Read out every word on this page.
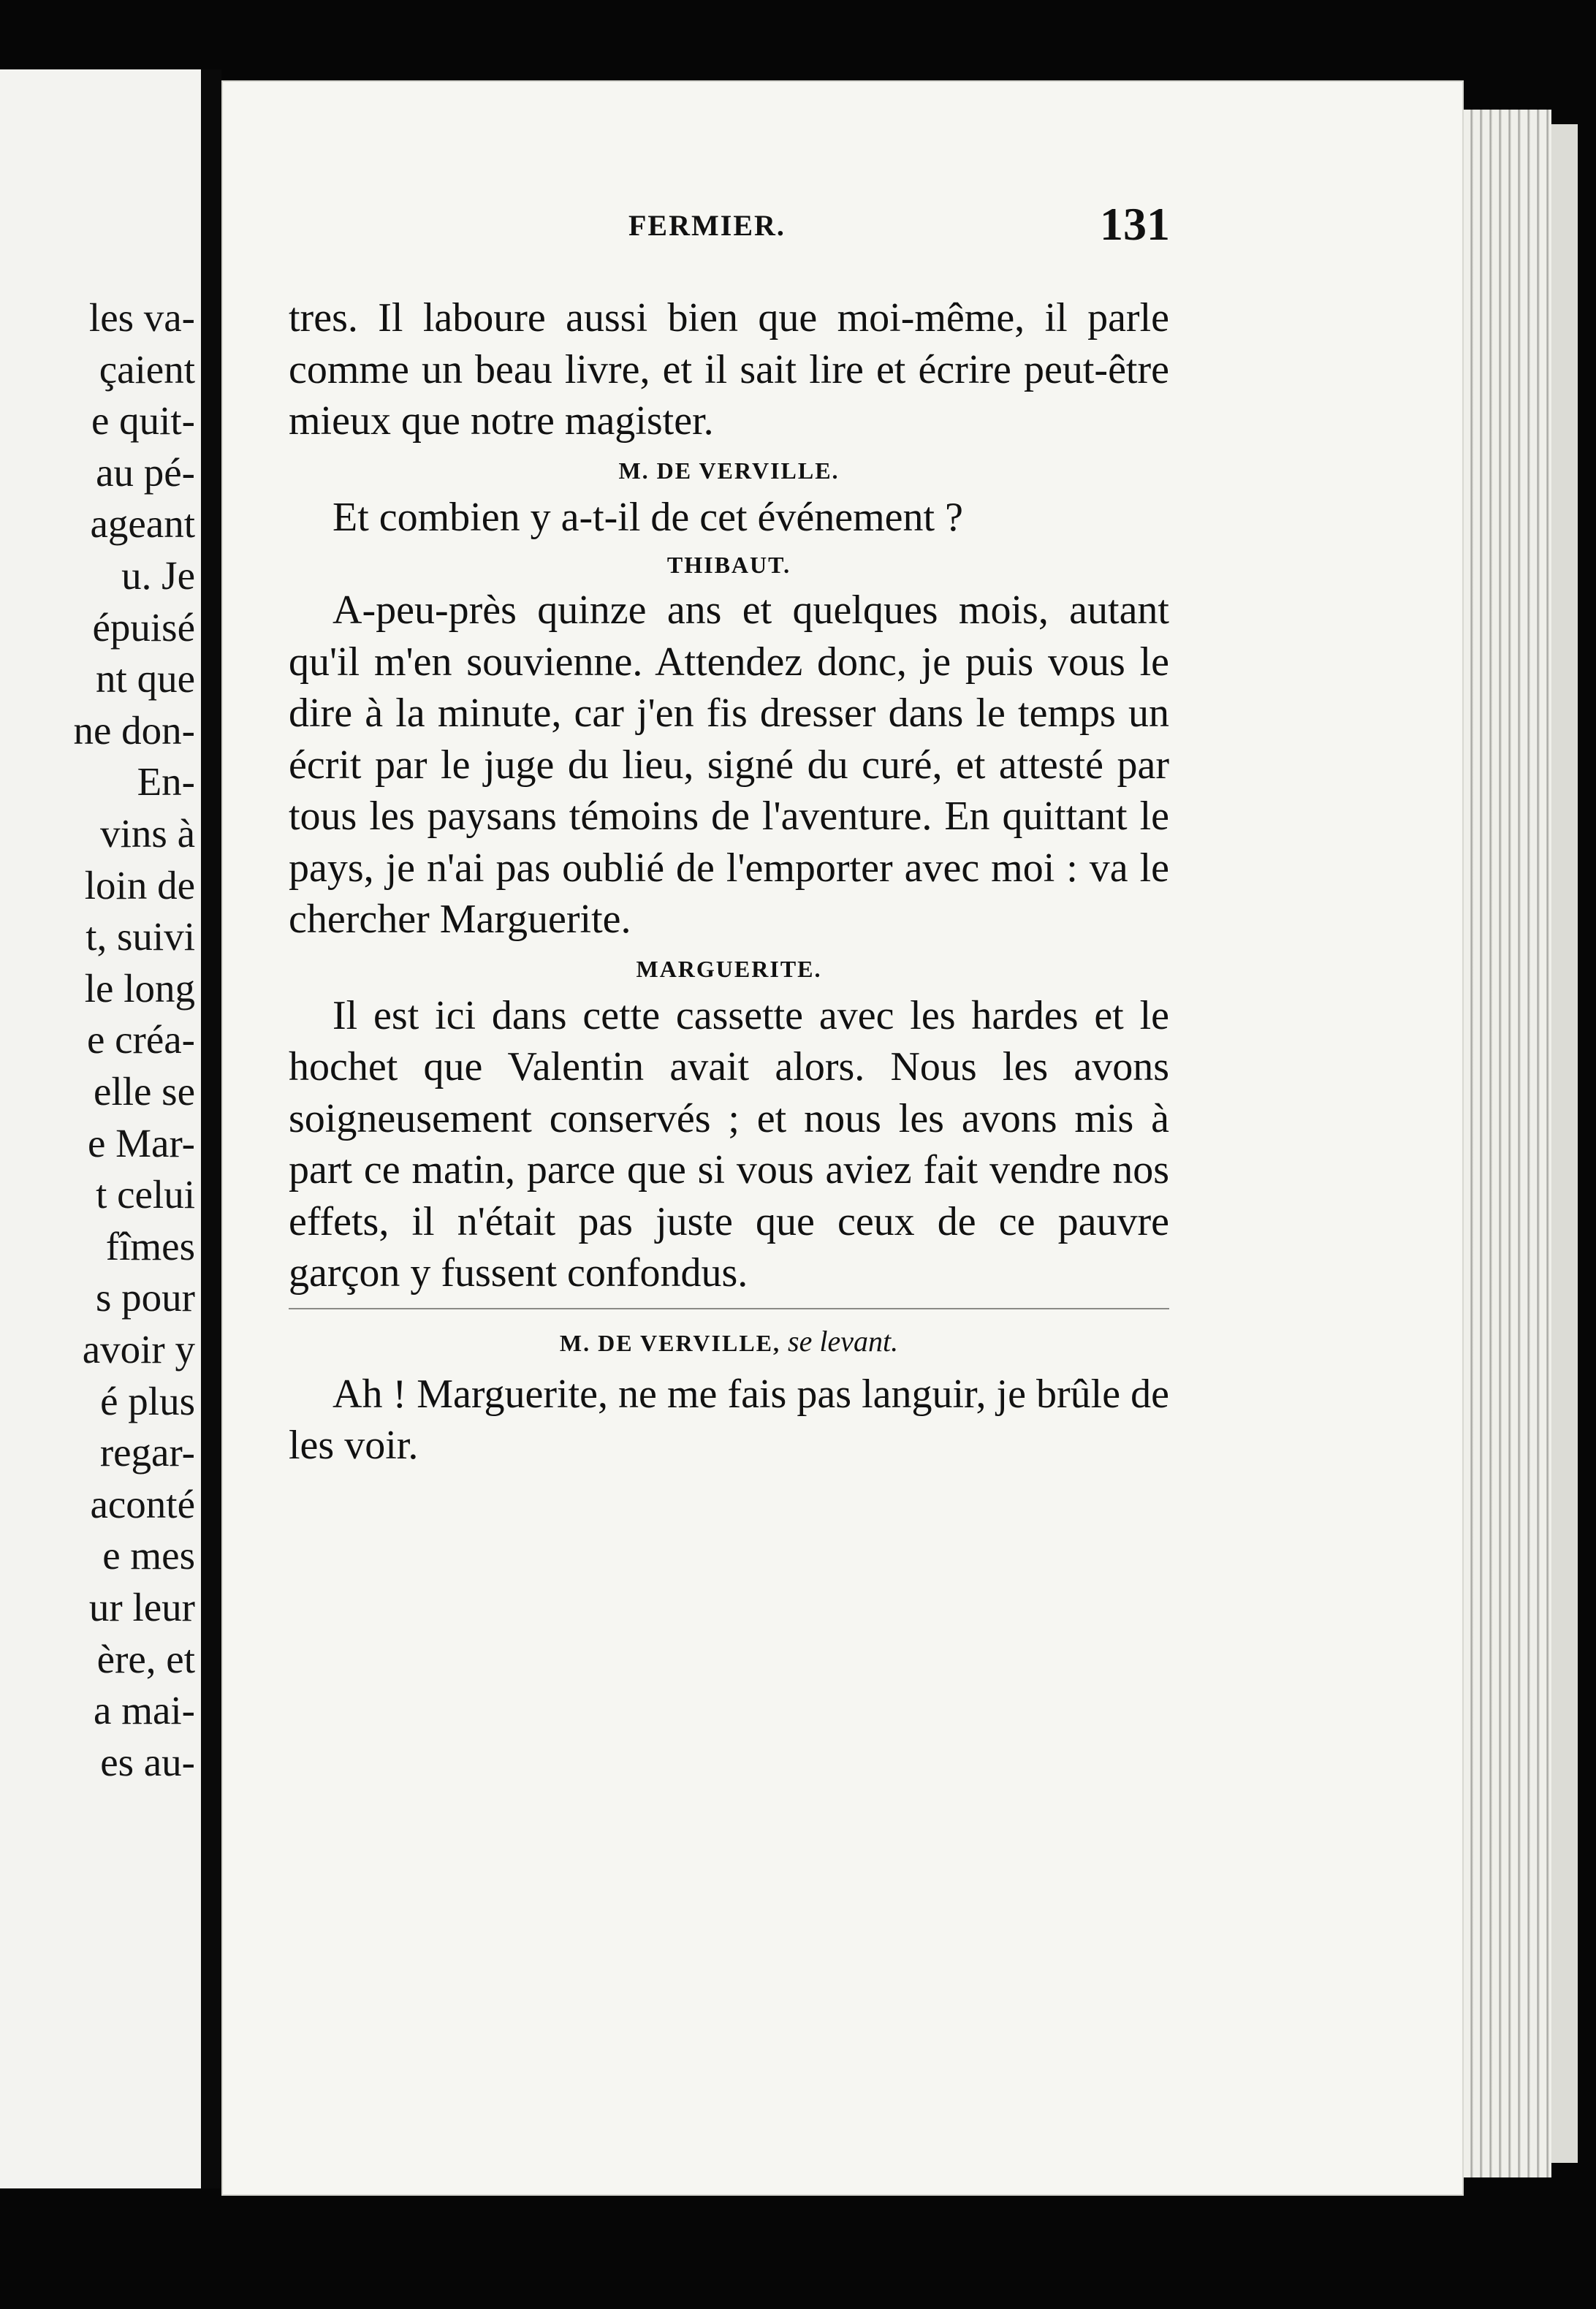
les va-
çaient
e quit-
au pé-
ageant
u. Je
épuisé
nt que
ne don-
En-
vins à
loin de
t, suivi
le long
e créa-
elle se
e Mar-
t celui
fîmes
s pour
avoir y
é plus
regar-
aconté
e mes
ur leur
ère, et
a mai-
es au-
FERMIER.	131

tres. Il laboure aussi bien que moi-même, il parle comme un beau livre, et il sait lire et écrire peut-être mieux que notre magister.

M. DE VERVILLE.

Et combien y a-t-il de cet événement ?

THIBAUT.

A-peu-près quinze ans et quelques mois, autant qu'il m'en souvienne. Attendez donc, je puis vous le dire à la minute, car j'en fis dresser dans le temps un écrit par le juge du lieu, signé du curé, et attesté par tous les paysans témoins de l'aventure. En quittant le pays, je n'ai pas oublié de l'emporter avec moi : va le chercher Marguerite.

MARGUERITE.

Il est ici dans cette cassette avec les hardes et le hochet que Valentin avait alors. Nous les avons soigneusement conservés ; et nous les avons mis à part ce matin, parce que si vous aviez fait vendre nos effets, il n'était pas juste que ceux de ce pauvre garçon y fussent confondus.

M. DE VERVILLE, se levant.

Ah ! Marguerite, ne me fais pas languir, je brûle de les voir.
